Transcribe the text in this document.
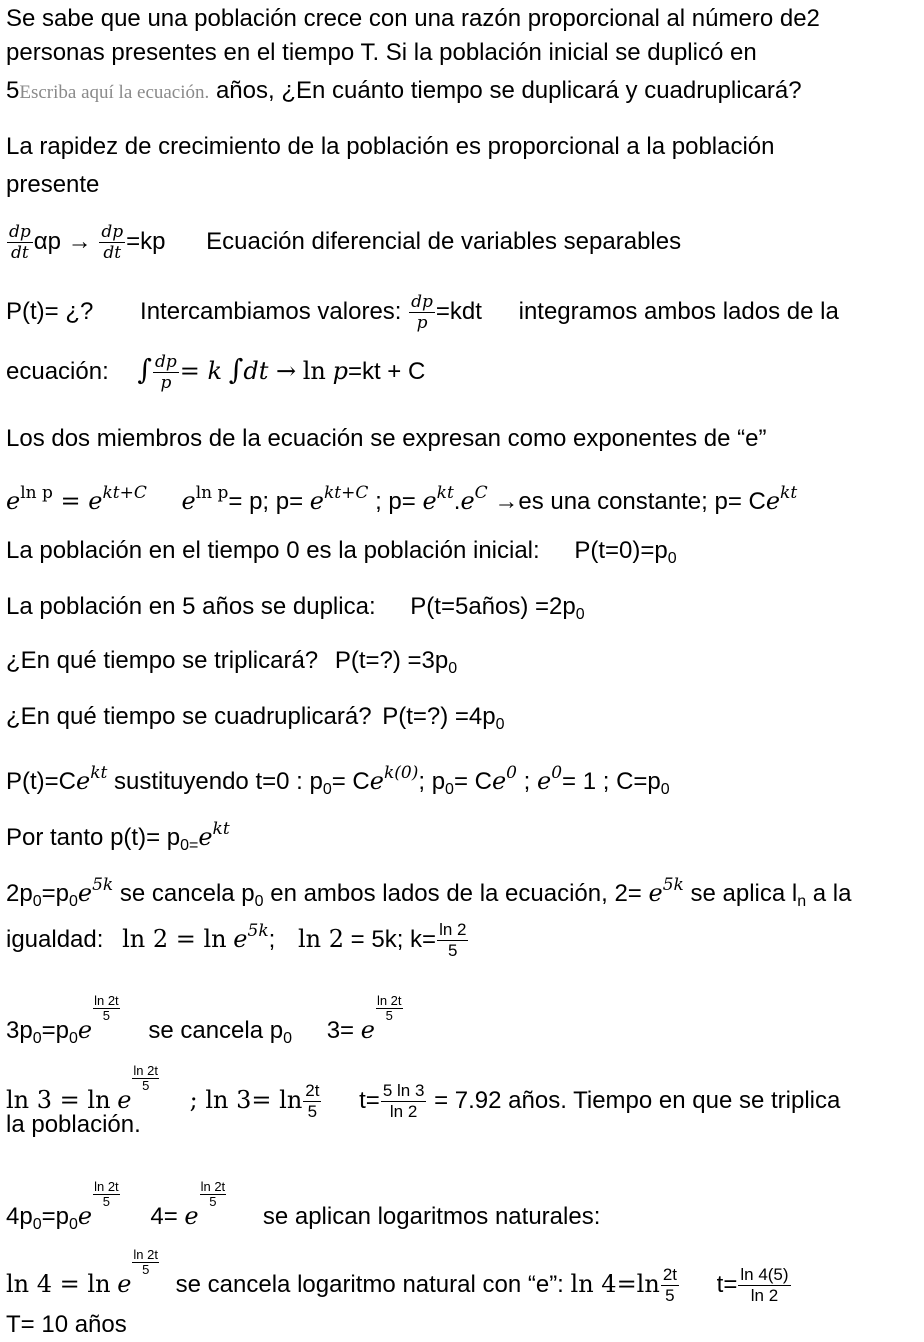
Se sabe que una población crece con una razón proporcional al número de2
personas presentes en el tiempo T. Si la población inicial se duplicó en
5Escriba aquí la ecuación. años, ¿En cuánto tiempo se duplicará y cuadruplicará?
La rapidez de crecimiento de la población es proporcional a la población
presente
$\frac{dp}{dt}$ $\alpha p \to \frac{dp}{dt} =kp$ Ecuación diferencial de variables separables
P(t)= ¿? Intercambiamos valores: $\frac{dp}{p} =kdt$ integramos ambos lados de la
ecuación: ∫ $\frac{dp}{p} = k$ ∫dt → ln p=kt + C
Los dos miembros de la ecuación se expresan como exponentes de “e”
$e^{ln p} = e^{kt+C}$ $e^{ln p}= p$; $p= e^{kt+C}$ ; $p= e^{kt}.e^C \to es$ una constante; $p= Ce^{kt}$
La población en el tiempo 0 es la población inicial: $P(t=0)=p_0$
La población en 5 años se duplica: P(t=5años) $=2p_0$
¿En qué tiempo se triplicará? P(t=?) $=3p_0$
¿En qué tiempo se cuadruplicará? P(t=?) $=4p_0$
$P(t)=Ce^{kt}$ sustituyendo t=0 : $p_0= Ce^{k(0)}$; $p_0= Ce^0$ ; $e^0= 1$ ; $C=p_0$
Por tanto $p(t)= p_{0=}e^{kt}$
$2p_0=p_0e^{5k}$ se cancela $p_0$ en ambos lados de la ecuación, $2= e^{5k}$ se aplica $l_n$ a la
igualdad: $\ln 2 = \ln e^{5k}$; ln 2 = 5k; $k= \frac{\ln 2}{5}$
$3p_0=p_0e$
$\frac{\ln 2t}{5}$
se cancela $p_0$ 3= e
$\frac{\ln 2t}{5}$
ln 3 = ln e
$\frac{\ln 2t}{5}$
; $\ln 3= \ln \frac{2t}{5} t= \frac{5 \ln 3}{\ln 2} = 7.92$ años. Tiempo en que se triplica
la población.
$4p_0=p_0e$
$\frac{\ln 2t}{5}$
4= e
$\frac{\ln 2t}{5}$
se aplican logaritmos naturales:
ln 4 = ln e
$\frac{\ln 2t}{5}$
se cancela logaritmo natural con “e”: $\ln 4=\ln \frac{2t}{5} t= \frac{\ln 4(5)}{\ln 2}$
T= 10 años
